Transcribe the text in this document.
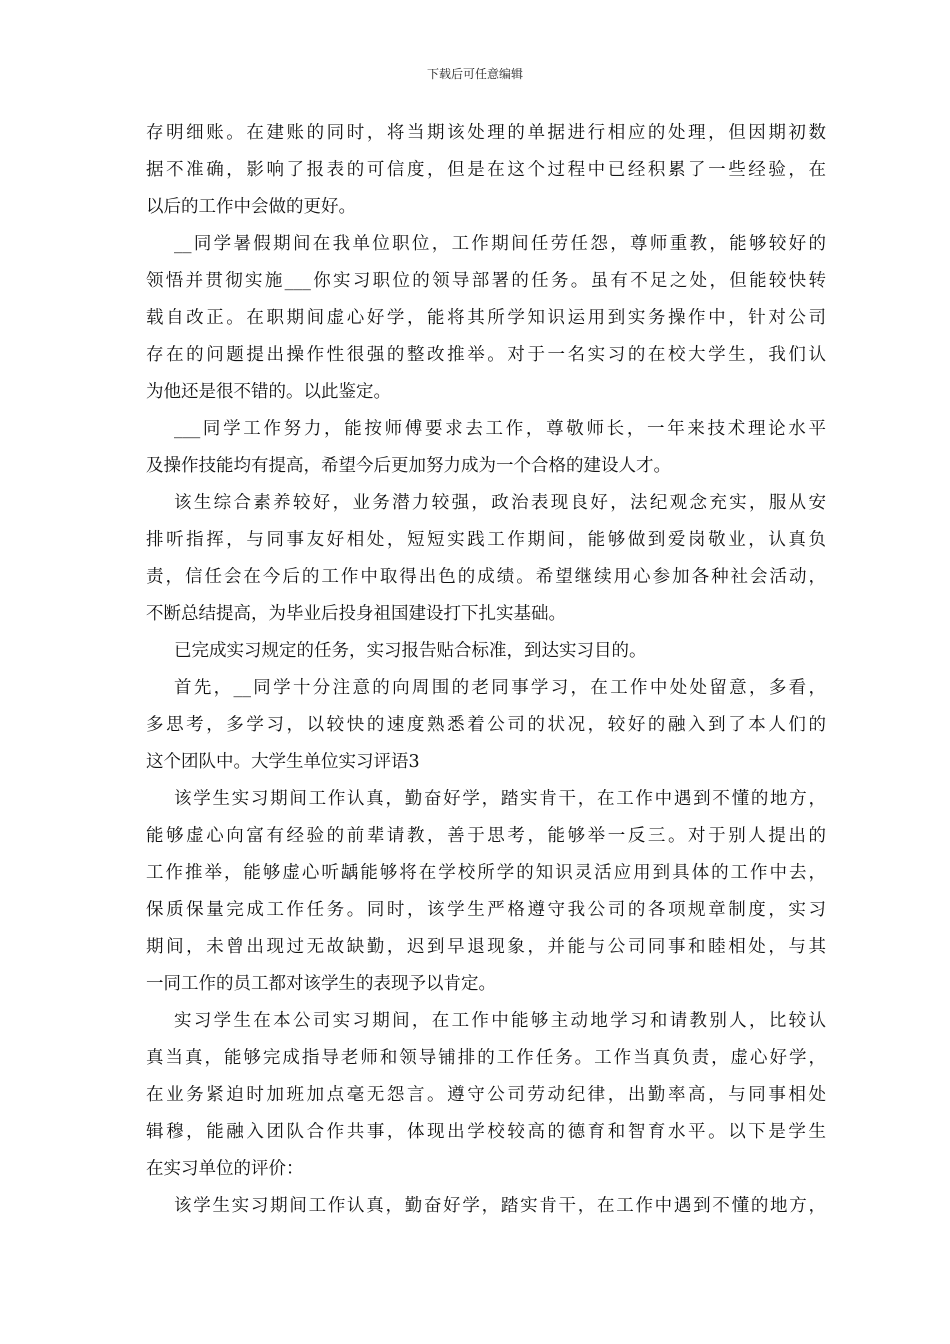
下载后可任意编辑
存明细账。在建账的同时，将当期该处理的单据进行相应的处理，但因期初数
据不准确，影响了报表的可信度，但是在这个过程中已经积累了一些经验，在
以后的工作中会做的更好。
__同学暑假期间在我单位职位，工作期间任劳任怨，尊师重教，能够较好的
领悟并贯彻实施___你实习职位的领导部署的任务。虽有不足之处，但能较快转
载自改正。在职期间虚心好学，能将其所学知识运用到实务操作中，针对公司
存在的问题提出操作性很强的整改推举。对于一名实习的在校大学生，我们认
为他还是很不错的。以此鉴定。
___同学工作努力，能按师傅要求去工作，尊敬师长，一年来技术理论水平
及操作技能均有提高，希望今后更加努力成为一个合格的建设人才。
该生综合素养较好，业务潜力较强，政治表现良好，法纪观念充实，服从安
排听指挥，与同事友好相处，短短实践工作期间，能够做到爱岗敬业，认真负
责，信任会在今后的工作中取得出色的成绩。希望继续用心参加各种社会活动，
不断总结提高，为毕业后投身祖国建设打下扎实基础。
已完成实习规定的任务，实习报告贴合标准，到达实习目的。
首先，__同学十分注意的向周围的老同事学习，在工作中处处留意，多看，
多思考，多学习，以较快的速度熟悉着公司的状况，较好的融入到了本人们的
这个团队中。大学生单位实习评语3
该学生实习期间工作认真，勤奋好学，踏实肯干，在工作中遇到不懂的地方，
能够虚心向富有经验的前辈请教，善于思考，能够举一反三。对于别人提出的
工作推举，能够虚心听龋能够将在学校所学的知识灵活应用到具体的工作中去，
保质保量完成工作任务。同时，该学生严格遵守我公司的各项规章制度，实习
期间，未曾出现过无故缺勤，迟到早退现象，并能与公司同事和睦相处，与其
一同工作的员工都对该学生的表现予以肯定。
实习学生在本公司实习期间，在工作中能够主动地学习和请教别人，比较认
真当真，能够完成指导老师和领导铺排的工作任务。工作当真负责，虚心好学，
在业务紧迫时加班加点毫无怨言。遵守公司劳动纪律，出勤率高，与同事相处
辑穆，能融入团队合作共事，体现出学校较高的德育和智育水平。以下是学生
在实习单位的评价：
该学生实习期间工作认真，勤奋好学，踏实肯干，在工作中遇到不懂的地方，
